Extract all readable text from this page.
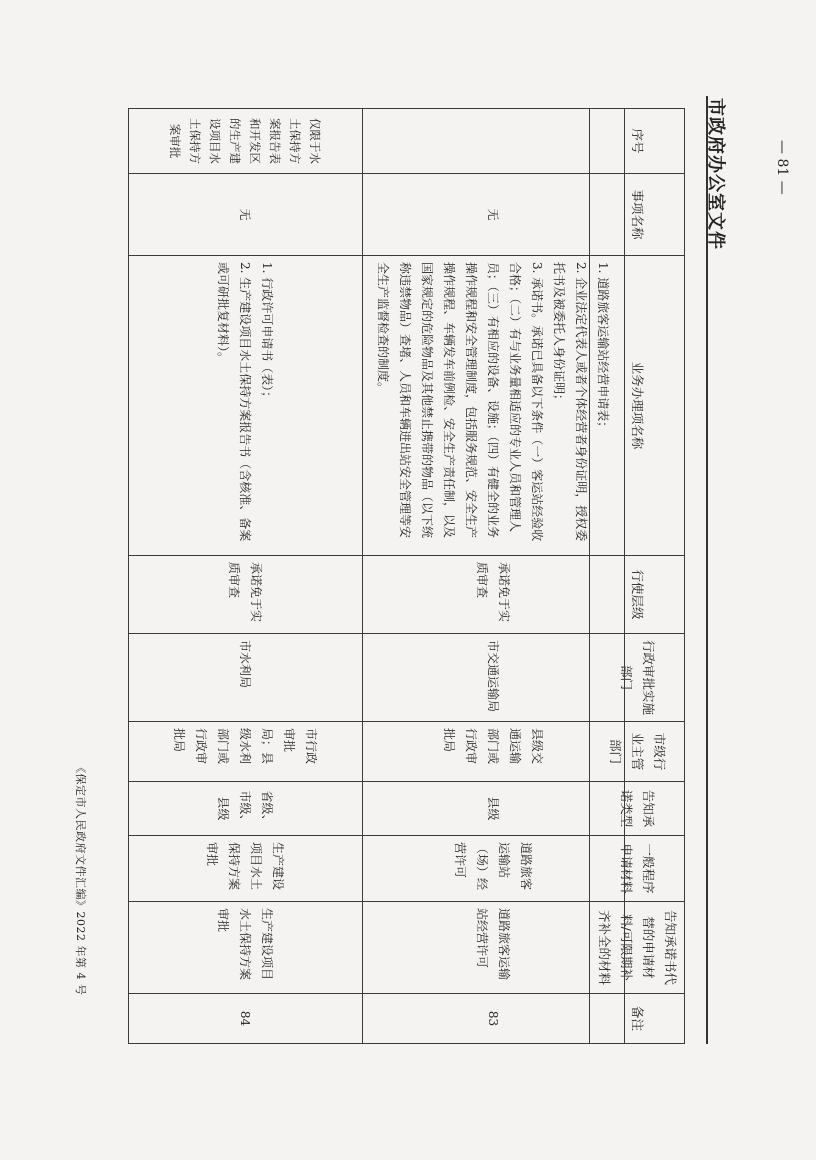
— 81 —
市政府办公室文件
《保定市人民政府文件汇编》2022 年第 4 号
备注	告知承诺书代替的申请材料/可限期补齐补全的材料	一般程序申请材料	告知承诺类型	市级行业主管部门	行政审批实施部门	行使层级	业务办理项名称	事项名称	序号
83	道路旅客运输站经营许可	道路旅客运输站（场）经营许可	县级	县级交通运输部门或行政审批局	市交通运输局	承诺免于实质审查	1. 道路旅客运输站经营申请表；
2. 企业法定代表人或者个体经营者身份证明，授权委托书及被委托人身份证明；
3. 承诺书。承诺已具备以下条件（一）客运站经验收合格；（二）有与业务量相适应的专业人员和管理人员；（三）有相应的设备、设施；（四）有健全的业务操作规程和安全管理制度，包括服务规范、安全生产操作规程、车辆发车前例检、安全生产责任制，以及国家规定的危险物品及其他禁止携带的物品（以下统称违禁物品）查堵、人员和车辆进出站安全管理等安全生产监督检查的制度。	无	
84	生产建设项目水土保持方案审批	生产建设项目水土保持方案审批	省级、市级、县级	市行政审批局；县级水利部门或行政审批局	市水利局	承诺免于实质审查	1. 行政许可申请书（表）；
2. 生产建设项目水土保持方案报告书（含核准、备案或可研批复材料）。	无	仅限于水土保持方案报告表和开发区的生产建设项目水土保持方案审批
